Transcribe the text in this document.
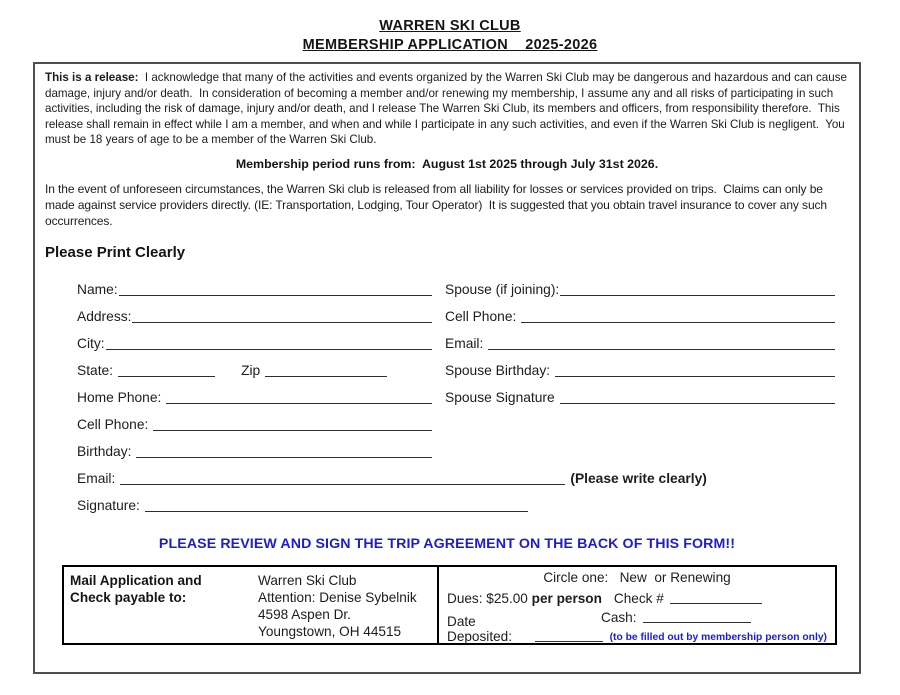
WARREN SKI CLUB
MEMBERSHIP APPLICATION    2025-2026

This is a release:  I acknowledge that many of the activities and events organized by the Warren Ski Club may be dangerous and hazardous and can cause damage, injury and/or death.  In consideration of becoming a member and/or renewing my membership, I assume any and all risks of participating in such activities, including the risk of damage, injury and/or death, and I release The Warren Ski Club, its members and officers, from responsibility therefore.  This release shall remain in effect while I am a member, and when and while I participate in any such activities, and even if the Warren Ski Club is negligent.  You must be 18 years of age to be a member of the Warren Ski Club.

Membership period runs from:  August 1st 2025 through July 31st 2026.

In the event of unforeseen circumstances, the Warren Ski club is released from all liability for losses or services provided on trips.  Claims can only be made against service providers directly. (IE: Transportation, Lodging, Tour Operator)  It is suggested that you obtain travel insurance to cover any such occurrences.

Please Print Clearly
Name:	Spouse (if joining):
Address:	Cell Phone:
City:	Email:
State:	Zip	Spouse Birthday:
Home Phone:	Spouse Signature
Cell Phone:
Birthday:
Email:	(Please write clearly)
Signature:
PLEASE REVIEW AND SIGN THE TRIP AGREEMENT ON THE BACK OF THIS FORM!!
Mail Application and
Check payable to:
Warren Ski Club
Attention: Denise Sybelnik
4598 Aspen Dr.
Youngstown, OH 44515
Circle one:   New  or Renewing
Dues: $25.00 per person Check #
Cash:
Date Deposited:	(to be filled out by membership person only)
